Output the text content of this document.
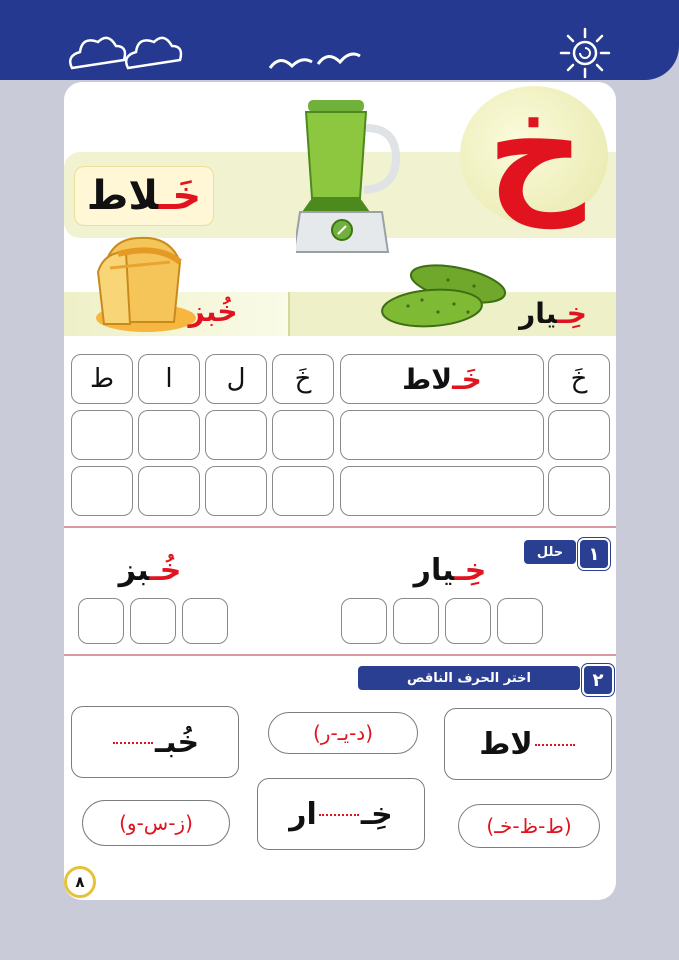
خ
خَـلاط
خُبز	خِـيار
خَ
خَـ
لاط
خَ
ل
ا
ط
١
حلل
خِـيار
خُـبز
٢
اختر الحرف الناقص
لاط
(ط-ظ-خـ)
(د-يـ-ر)
خِـ
ار
خُبـ
(ز-س-و)
٨
